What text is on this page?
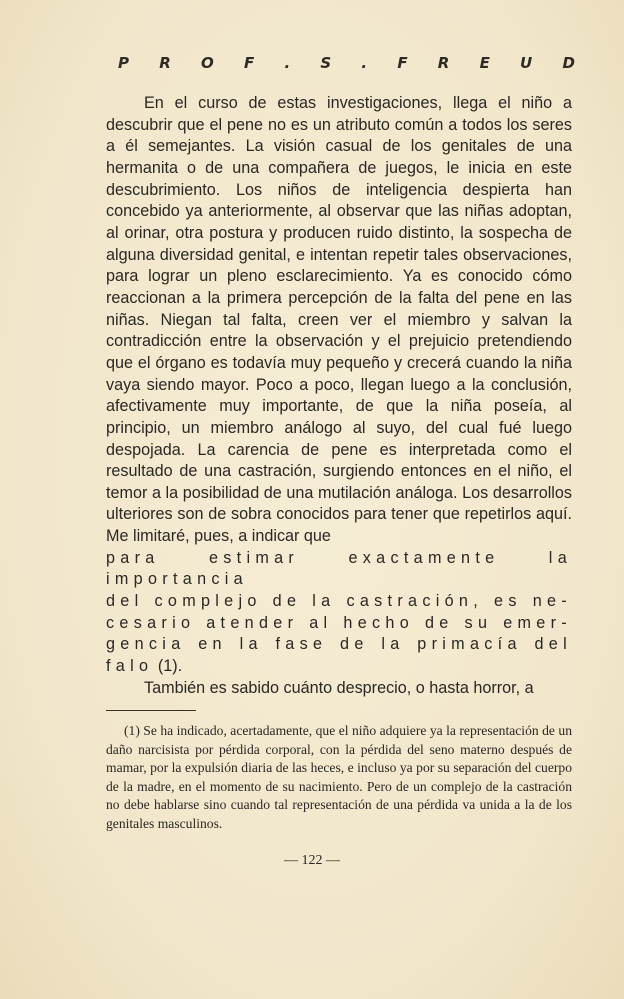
P R O F . S . F R E U D

En el curso de estas investigaciones, llega el niño a descubrir que el pene no es un atributo común a todos los seres a él semejantes. La visión casual de los genitales de una hermanita o de una compañera de juegos, le inicia en este descubrimiento. Los niños de inteligencia despierta han concebido ya anteriormente, al observar que las niñas adoptan, al orinar, otra postura y producen ruido distinto, la sospecha de alguna diversidad genital, e intentan repetir tales observaciones, para lograr un pleno esclarecimiento. Ya es conocido cómo reaccionan a la primera percepción de la falta del pene en las niñas. Niegan tal falta, creen ver el miembro y salvan la contradicción entre la observación y el prejuicio pretendiendo que el órgano es todavía muy pequeño y crecerá cuando la niña vaya siendo mayor. Poco a poco, llegan luego a la conclusión, afectivamente muy importante, de que la niña poseía, al principio, un miembro análogo al suyo, del cual fué luego despojada. La carencia de pene es interpretada como el resultado de una castración, surgiendo entonces en el niño, el temor a la posibilidad de una mutilación análoga. Los desarrollos ulteriores son de sobra conocidos para tener que repetirlos aquí. Me limitaré, pues, a indicar que

para estimar exactamente la importancia

del complejo de la castración, es ne-

cesario atender al hecho de su emer-

gencia en la fase de la primacía del

falo (1).

También es sabido cuánto desprecio, o hasta horror, a

(1) Se ha indicado, acertadamente, que el niño adquiere ya la representación de un daño narcisista por pérdida corporal, con la pérdida del seno materno después de mamar, por la expulsión diaria de las heces, e incluso ya por su separación del cuerpo de la madre, en el momento de su nacimiento. Pero de un complejo de la castración no debe hablarse sino cuando tal representación de una pérdida va unida a la de los genitales masculinos.

— 122 —
